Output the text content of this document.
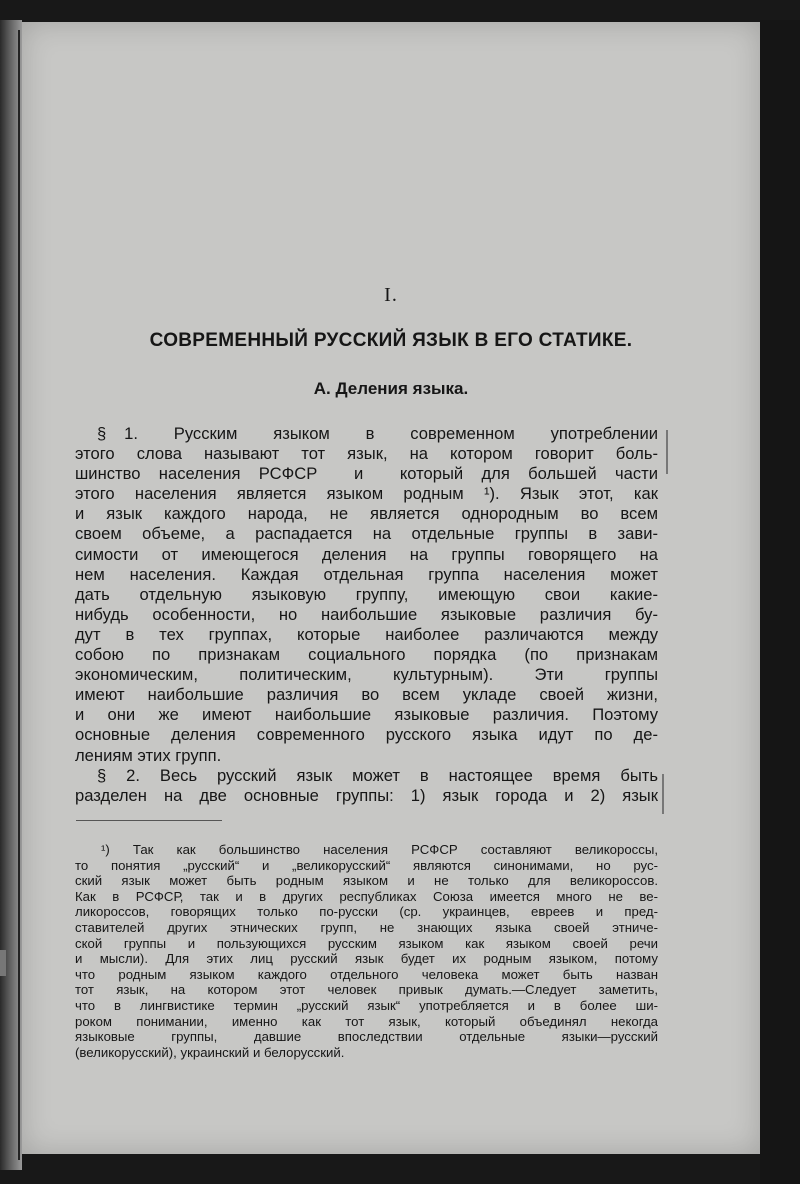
I.
СОВРЕМЕННЫЙ РУССКИЙ ЯЗЫК В ЕГО СТАТИКЕ.
А. Деления языка.
§ 1.  Русским  языком  в  современном  употреблении
этого слова называют тот язык, на котором говорит боль-
шинство населения РСФСР  и  который для большей части
этого населения является языком родным ¹). Язык этот, как
и язык каждого народа, не является однородным во всем
своем объеме, а распадается на отдельные группы в зави-
симости от имеющегося деления на группы говорящего на
нем населения. Каждая отдельная группа населения может
дать отдельную языковую группу, имеющую свои какие-
нибудь особенности, но наибольшие языковые различия бу-
дут в тех группах, которые наиболее различаются между
собою по признакам социального порядка (по признакам
экономическим, политическим, культурным). Эти группы
имеют наибольшие различия во всем укладе своей жизни,
и они же имеют наибольшие языковые различия. Поэтому
основные деления современного русского языка идут по де-
лениям этих групп.
§ 2. Весь русский язык может в настоящее время быть
разделен на две основные группы: 1) язык города и 2) язык
¹) Так как большинство населения РСФСР составляют великороссы,
то понятия „русский“ и „великорусский“ являются синонимами, но рус-
ский язык может быть родным языком и не только для великороссов.
Как в РСФСР, так и в других республиках Союза имеется много не ве-
ликороссов, говорящих только по-русски (ср. украинцев, евреев и пред-
ставителей других этнических групп, не знающих языка своей этниче-
ской группы и пользующихся русским языком как языком своей речи
и мысли). Для этих лиц русский язык будет их родным языком, потому
что родным языком каждого отдельного человека может быть назван
тот язык, на котором этот человек привык думать.—Следует заметить,
что в лингвистике термин „русский язык“ употребляется и в более ши-
роком понимании, именно как тот язык, который объединял некогда
языковые группы, давшие впоследствии отдельные языки—русский
(великорусский), украинский и белорусский.
